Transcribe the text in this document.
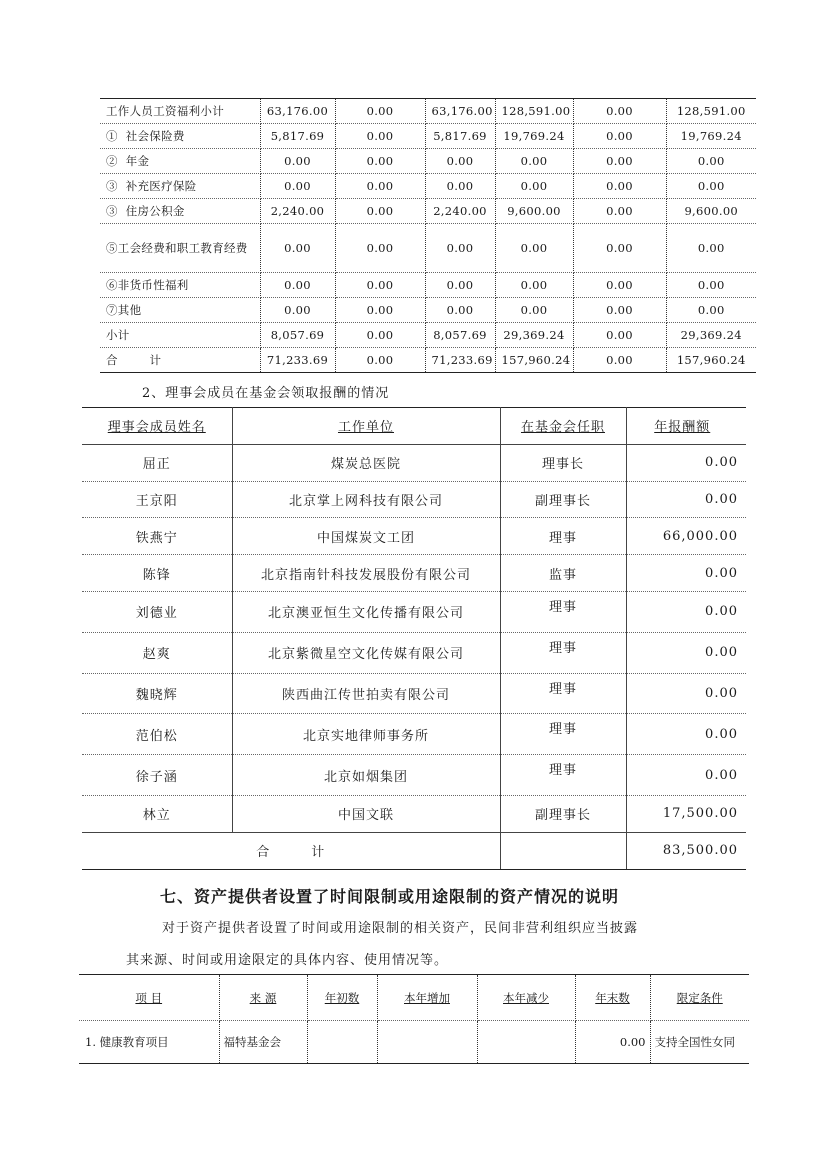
工作人员工资福利小计	63,176.00	0.00	63,176.00	128,591.00	0.00	128,591.00
①  社会保险费	5,817.69	0.00	5,817.69	19,769.24	0.00	19,769.24
②  年金	0.00	0.00	0.00	0.00	0.00	0.00
③  补充医疗保险	0.00	0.00	0.00	0.00	0.00	0.00
③  住房公积金	2,240.00	0.00	2,240.00	9,600.00	0.00	9,600.00
⑤工会经费和职工教育经费	0.00	0.00	0.00	0.00	0.00	0.00
⑥非货币性福利	0.00	0.00	0.00	0.00	0.00	0.00
⑦其他	0.00	0.00	0.00	0.00	0.00	0.00
小计	8,057.69	0.00	8,057.69	29,369.24	0.00	29,369.24
合        计	71,233.69	0.00	71,233.69	157,960.24	0.00	157,960.24
2、理事会成员在基金会领取报酬的情况
理事会成员姓名	工作单位	在基金会任职	年报酬额
屈正	煤炭总医院	理事长	0.00
王京阳	北京掌上网科技有限公司	副理事长	0.00
铁燕宁	中国煤炭文工团	理事	66,000.00
陈锋	北京指南针科技发展股份有限公司	监事	0.00
刘德业	北京澳亚恒生文化传播有限公司	理事	0.00
赵爽	北京紫微星空文化传媒有限公司	理事	0.00
魏晓辉	陕西曲江传世拍卖有限公司	理事	0.00
范伯松	北京实地律师事务所	理事	0.00
徐子涵	北京如烟集团	理事	0.00
林立	中国文联	副理事长	17,500.00
合        计			83,500.00
七、资产提供者设置了时间限制或用途限制的资产情况的说明
对于资产提供者设置了时间或用途限制的相关资产，民间非营利组织应当披露
其来源、时间或用途限定的具体内容、使用情况等。
项 目	来 源	年初数	本年增加	本年减少	年末数	限定条件
1. 健康教育项目	福特基金会				0.00	支持全国性女同
